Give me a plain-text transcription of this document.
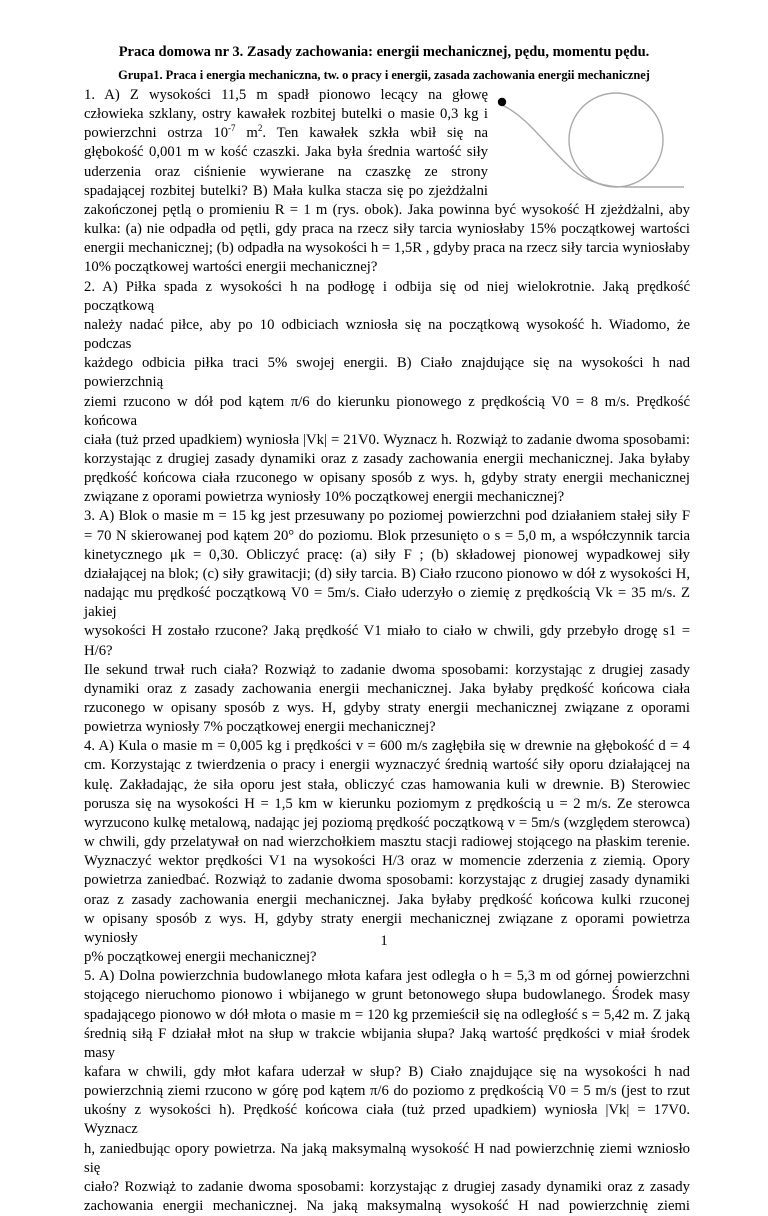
Praca domowa nr 3. Zasady zachowania: energii mechanicznej, pędu, momentu pędu.
Grupa1. Praca i energia mechaniczna, tw. o pracy i energii, zasada zachowania energii mechanicznej
1. A) Z wysokości 11,5 m spadł pionowo lecący na głowę
człowieka szklany, ostry kawałek rozbitej butelki o masie 0,3 kg i
powierzchni ostrza $10^{-7}$ $m^2$. Ten kawałek szkła wbił się na
głębokość 0,001 m w kość czaszki. Jaka była średnia wartość siły
uderzenia oraz ciśnienie wywierane na czaszkę ze strony
spadającej rozbitej butelki? B) Mała kulka stacza się po zjeżdżalni
zakończonej pętlą o promieniu R = 1 m (rys. obok). Jaka powinna być wysokość H zjeżdżalni, aby
kulka: (a) nie odpadła od pętli, gdy praca na rzecz siły tarcia wyniosłaby 15% początkowej wartości
energii mechanicznej; (b) odpadła na wysokości h = 1,5R , gdyby praca na rzecz siły tarcia wyniosłaby
10% początkowej wartości energii mechanicznej?
2. A) Piłka spada z wysokości h na podłogę i odbija się od niej wielokrotnie. Jaką prędkość początkową
należy nadać piłce, aby po 10 odbiciach wzniosła się na początkową wysokość h. Wiadomo, że podczas
każdego odbicia piłka traci 5% swojej energii. B) Ciało znajdujące się na wysokości h nad powierzchnią
ziemi rzucono w dół pod kątem π/6 do kierunku pionowego z prędkością V0 = 8 m/s. Prędkość końcowa
ciała (tuż przed upadkiem) wyniosła |Vk| = 21V0. Wyznacz h. Rozwiąż to zadanie dwoma sposobami:
korzystając z drugiej zasady dynamiki oraz z zasady zachowania energii mechanicznej. Jaka byłaby
prędkość końcowa ciała rzuconego w opisany sposób z wys. h, gdyby straty energii mechanicznej
związane z oporami powietrza wyniosły 10% początkowej energii mechanicznej?
3. A) Blok o masie m = 15 kg jest przesuwany po poziomej powierzchni pod działaniem stałej siły F
= 70 N skierowanej pod kątem 20° do poziomu. Blok przesunięto o s = 5,0 m, a współczynnik tarcia
kinetycznego μk = 0,30. Obliczyć pracę: (a) siły F ; (b) składowej pionowej wypadkowej siły
działającej na blok; (c) siły grawitacji; (d) siły tarcia. B) Ciało rzucono pionowo w dół z wysokości H,
nadając mu prędkość początkową V0 = 5m/s. Ciało uderzyło o ziemię z prędkością Vk = 35 m/s. Z jakiej
wysokości H zostało rzucone? Jaką prędkość V1 miało to ciało w chwili, gdy przebyło drogę s1 = H/6?
Ile sekund trwał ruch ciała? Rozwiąż to zadanie dwoma sposobami: korzystając z drugiej zasady
dynamiki oraz z zasady zachowania energii mechanicznej. Jaka byłaby prędkość końcowa ciała
rzuconego w opisany sposób z wys. H, gdyby straty energii mechanicznej związane z oporami
powietrza wyniosły 7% początkowej energii mechanicznej?
4. A) Kula o masie m = 0,005 kg i prędkości v = 600 m/s zagłębiła się w drewnie na głębokość d = 4
cm. Korzystając z twierdzenia o pracy i energii wyznaczyć średnią wartość siły oporu działającej na
kulę. Zakładając, że siła oporu jest stała, obliczyć czas hamowania kuli w drewnie. B) Sterowiec
porusza się na wysokości H = 1,5 km w kierunku poziomym z prędkością u = 2 m/s. Ze sterowca
wyrzucono kulkę metalową, nadając jej poziomą prędkość początkową v = 5m/s (względem sterowca)
w chwili, gdy przelatywał on nad wierzchołkiem masztu stacji radiowej stojącego na płaskim terenie.
Wyznaczyć wektor prędkości V1 na wysokości H/3 oraz w momencie zderzenia z ziemią. Opory
powietrza zaniedbać. Rozwiąż to zadanie dwoma sposobami: korzystając z drugiej zasady dynamiki
oraz z zasady zachowania energii mechanicznej. Jaka byłaby prędkość końcowa kulki rzuconej
w opisany sposób z wys. H, gdyby straty energii mechanicznej związane z oporami powietrza wyniosły
p% początkowej energii mechanicznej?
5. A) Dolna powierzchnia budowlanego młota kafara jest odległa o h = 5,3 m od górnej powierzchni
stojącego nieruchomo pionowo i wbijanego w grunt betonowego słupa budowlanego. Środek masy
spadającego pionowo w dół młota o masie m = 120 kg przemieścił się na odległość s = 5,42 m. Z jaką
średnią siłą F działał młot na słup w trakcie wbijania słupa? Jaką wartość prędkości v miał środek masy
kafara w chwili, gdy młot kafara uderzał w słup? B) Ciało znajdujące się na wysokości h nad
powierzchnią ziemi rzucono w górę pod kątem π/6 do poziomo z prędkością V0 = 5 m/s (jest to rzut
ukośny z wysokości h). Prędkość końcowa ciała (tuż przed upadkiem) wyniosła |Vk| = 17V0. Wyznacz
h, zaniedbując opory powietrza. Na jaką maksymalną wysokość H nad powierzchnię ziemi wzniosło się
ciało? Rozwiąż to zadanie dwoma sposobami: korzystając z drugiej zasady dynamiki oraz z zasady
zachowania energii mechanicznej. Na jaką maksymalną wysokość H nad powierzchnię ziemi
1
